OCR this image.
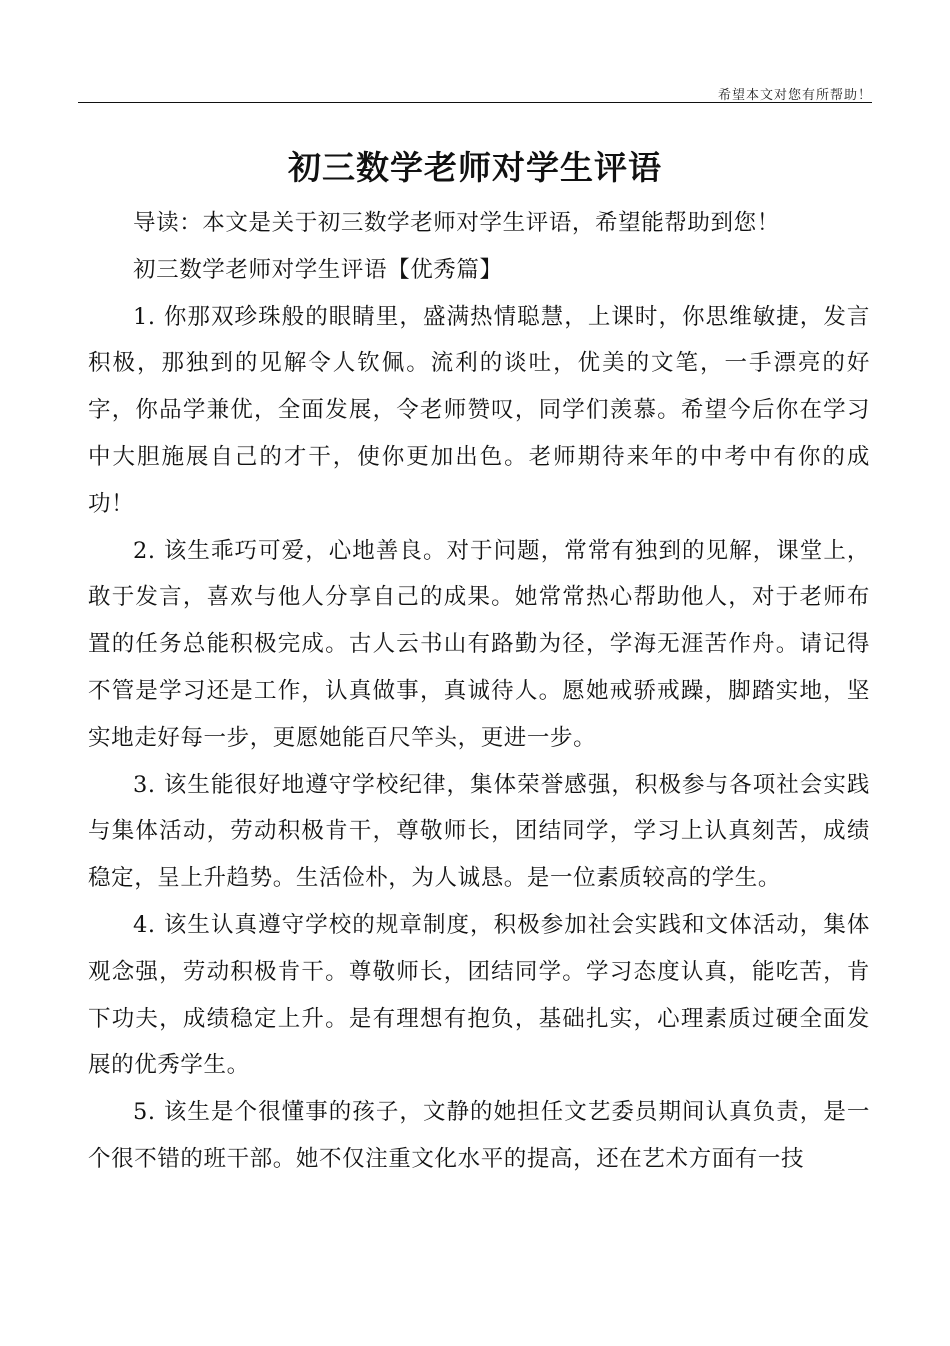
希望本文对您有所帮助！
初三数学老师对学生评语

导读：本文是关于初三数学老师对学生评语，希望能帮助到您！

初三数学老师对学生评语【优秀篇】

1. 你那双珍珠般的眼睛里，盛满热情聪慧，上课时，你思维敏捷，发言积极，那独到的见解令人钦佩。流利的谈吐，优美的文笔，一手漂亮的好字，你品学兼优，全面发展，令老师赞叹，同学们羡慕。希望今后你在学习中大胆施展自己的才干，使你更加出色。老师期待来年的中考中有你的成功！

2. 该生乖巧可爱，心地善良。对于问题，常常有独到的见解，课堂上，敢于发言，喜欢与他人分享自己的成果。她常常热心帮助他人，对于老师布置的任务总能积极完成。古人云书山有路勤为径，学海无涯苦作舟。请记得不管是学习还是工作，认真做事，真诚待人。愿她戒骄戒躁，脚踏实地，坚实地走好每一步，更愿她能百尺竿头，更进一步。

3. 该生能很好地遵守学校纪律，集体荣誉感强，积极参与各项社会实践与集体活动，劳动积极肯干，尊敬师长，团结同学，学习上认真刻苦，成绩稳定，呈上升趋势。生活俭朴，为人诚恳。是一位素质较高的学生。

4. 该生认真遵守学校的规章制度，积极参加社会实践和文体活动，集体观念强，劳动积极肯干。尊敬师长，团结同学。学习态度认真，能吃苦，肯下功夫，成绩稳定上升。是有理想有抱负，基础扎实，心理素质过硬全面发展的优秀学生。

5. 该生是个很懂事的孩子，文静的她担任文艺委员期间认真负责，是一个很不错的班干部。她不仅注重文化水平的提高，还在艺术方面有一技
